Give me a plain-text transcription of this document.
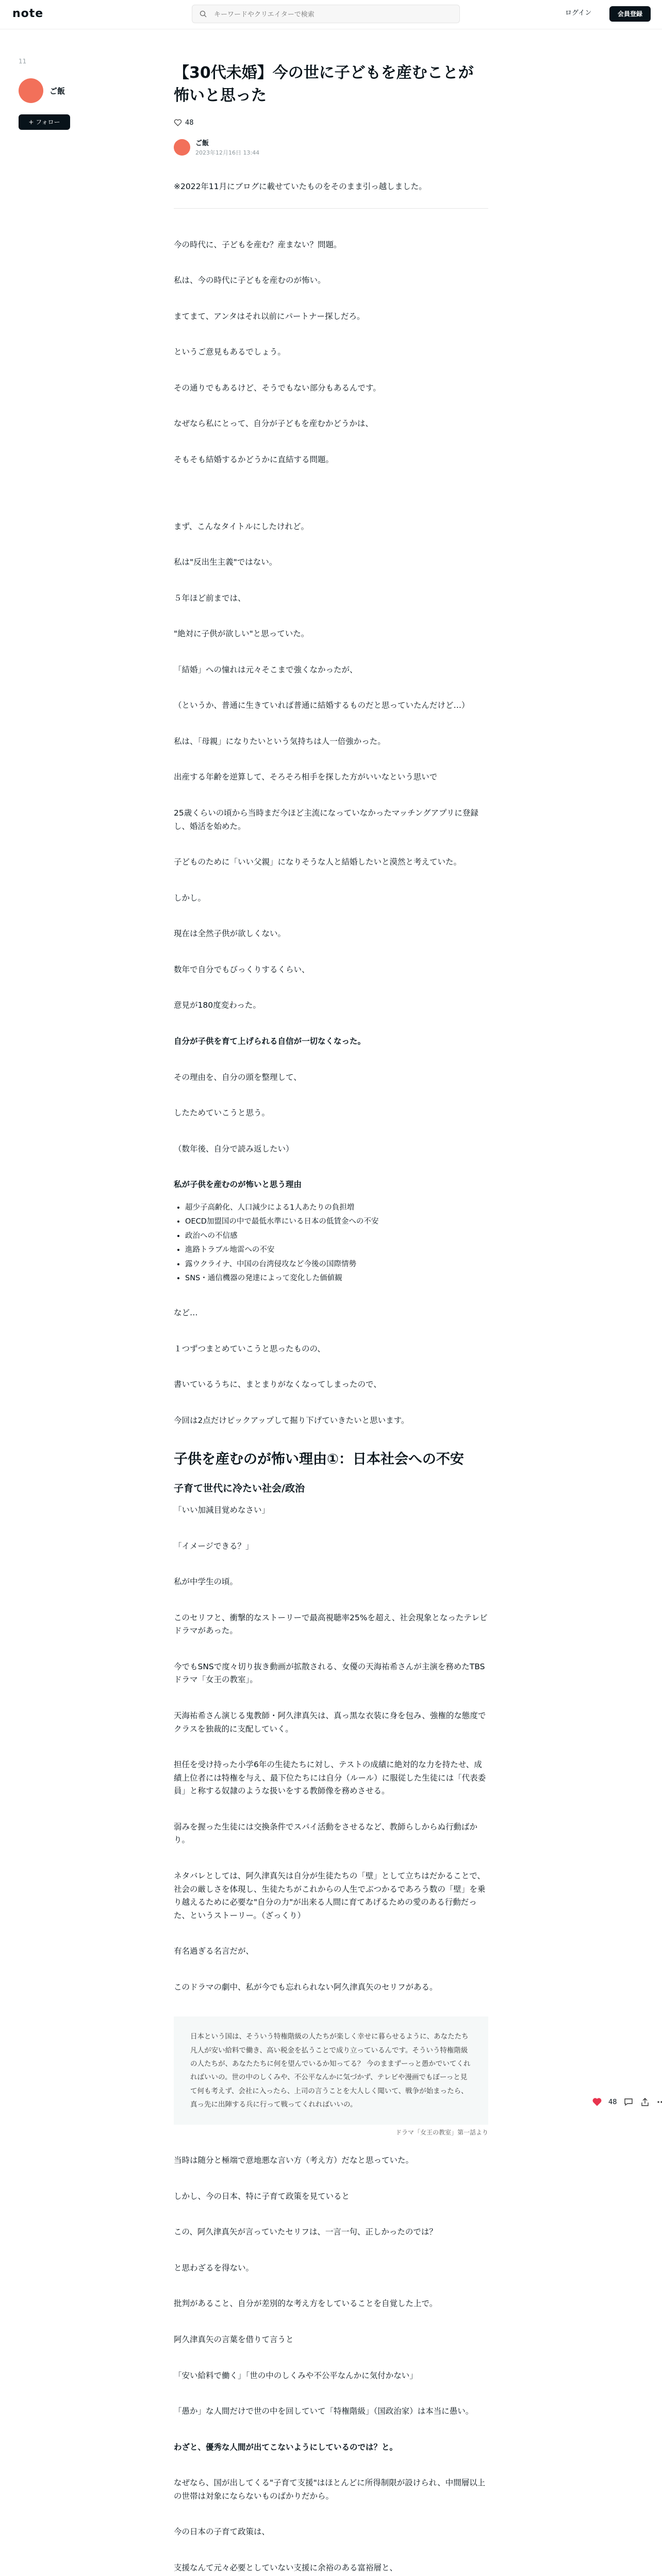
note
キーワードやクリエイターで検索	ログイン	会員登録
11
ご飯
+ フォロー
【30代未婚】今の世に子どもを産むことが怖いと思った
48
ご飯
2023年12月16日 13:44

※2022年11月にブログに載せていたものをそのまま引っ越しました。

今の時代に、子どもを産む？産まない？問題。

私は、今の時代に子どもを産むのが怖い。

まてまて、アンタはそれ以前にパートナー探しだろ。

というご意見もあるでしょう。

その通りでもあるけど、そうでもない部分もあるんです。

なぜなら私にとって、自分が子どもを産むかどうかは、

そもそも結婚するかどうかに直結する問題。

まず、こんなタイトルにしたけれど。

私は"反出生主義"ではない。

５年ほど前までは、

"絶対に子供が欲しい"と思っていた。

「結婚」への憧れは元々そこまで強くなかったが、

（というか、普通に生きていれば普通に結婚するものだと思っていたんだけど…）

私は、「母親」になりたいという気持ちは人一倍強かった。

出産する年齢を逆算して、そろそろ相手を探した方がいいなという思いで

25歳くらいの頃から当時まだ今ほど主流になっていなかったマッチングアプリに登録し、婚活を始めた。

子どものために「いい父親」になりそうな人と結婚したいと漠然と考えていた。

しかし。

現在は全然子供が欲しくない。

数年で自分でもびっくりするくらい、

意見が180度変わった。

自分が子供を育て上げられる自信が一切なくなった。

その理由を、自分の頭を整理して、

したためていこうと思う。

（数年後、自分で読み返したい）

私が子供を産むのが怖いと思う理由

• 超少子高齢化、人口減少による1人あたりの負担増
• OECD加盟国の中で最低水準にいる日本の低賃金への不安
• 政治への不信感
• 進路トラブル地雷への不安
• 露ウクライナ、中国の台湾侵攻など今後の国際情勢
• SNS・通信機器の発達によって変化した価値観

など…

１つずつまとめていこうと思ったものの、

書いているうちに、まとまりがなくなってしまったので、

今回は2点だけピックアップして掘り下げていきたいと思います。

子供を産むのが怖い理由①：日本社会への不安
子育て世代に冷たい社会/政治

「いい加減目覚めなさい」

「イメージできる？」

私が中学生の頃。

このセリフと、衝撃的なストーリーで最高視聴率25%を超え、社会現象となったテレビドラマがあった。

今でもSNSで度々切り抜き動画が拡散される、女優の天海祐希さんが主演を務めたTBSドラマ「女王の教室」。

天海祐希さん演じる鬼教師・阿久津真矢は、真っ黒な衣装に身を包み、強権的な態度でクラスを独裁的に支配していく。

担任を受け持った小学6年の生徒たちに対し、テストの成績に絶対的な力を持たせ、成績上位者には特権を与え、最下位たちには自分（ルール）に服従した生徒には「代表委員」と称する奴隷のような扱いをする教師像を務めさせる。

弱みを握った生徒には交換条件でスパイ活動をさせるなど、教師らしからぬ行動ばかり。

ネタバレとしては、阿久津真矢は自分が生徒たちの「壁」として立ちはだかることで、社会の厳しさを体現し、生徒たちがこれからの人生でぶつかるであろう数の「壁」を乗り越えるために必要な"自分の力"が出来る人間に育てあげるための愛のある行動だった、というストーリー。（ざっくり）

有名過ぎる名言だが、

このドラマの劇中、私が今でも忘れられない阿久津真矢のセリフがある。

日本という国は、そういう特権階級の人たちが楽しく幸せに暮らせるように、あなたたち凡人が安い給料で働き、高い税金を払うことで成り立っているんです。そういう特権階級の人たちが、あなたたちに何を望んでいるか知ってる？ 今のままずーっと愚かでいてくれればいいの。世の中のしくみや、不公平なんかに気づかず、テレビや漫画でもぼーっと見て何も考えず、会社に入ったら、上司の言うことを大人しく聞いて、戦争が始まったら、真っ先に出陣する兵に行って戦ってくれればいいの。

ドラマ「女王の教室」第一話より

当時は随分と極端で意地悪な言い方（考え方）だなと思っていた。

しかし、今の日本、特に子育て政策を見ていると

この、阿久津真矢が言っていたセリフは、一言一句、正しかったのでは？

と思わざるを得ない。

批判があること、自分が差別的な考え方をしていることを自覚した上で。

阿久津真矢の言葉を借りて言うと

「安い給料で働く」「世の中のしくみや不公平なんかに気付かない」

「愚か」な人間だけで世の中を回していて「特権階級」（国政治家）は本当に愚い。

わざと、優秀な人間が出てこないようにしているのでは？と。

なぜなら、国が出してくる"子育て支援"はほとんどに所得制限が設けられ、中間層以上の世帯は対象にならないものばかりだから。

今の日本の子育て政策は、

支援なんて元々必要としていない支援に余裕のある富裕層と、

48
